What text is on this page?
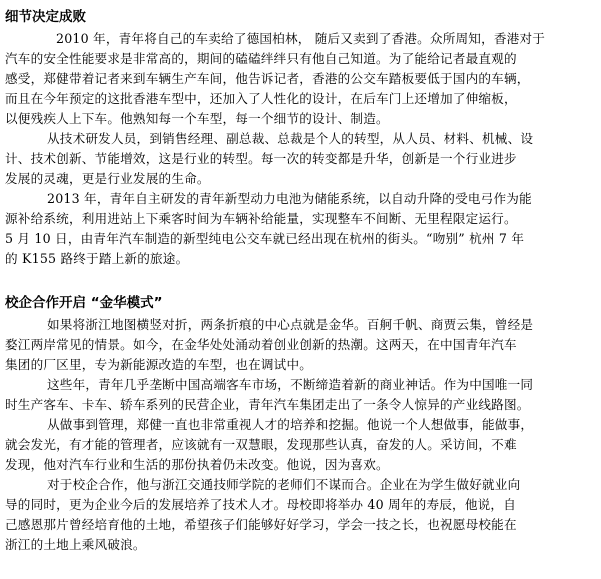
细节决定成败
2010 年，青年将自己的车卖给了德国柏林， 随后又卖到了香港。众所周知，香港对于
汽车的安全性能要求是非常高的，期间的磕磕绊绊只有他自己知道。为了能给记者最直观的
感受，郑健带着记者来到车辆生产车间，他告诉记者，香港的公交车踏板要低于国内的车辆，
而且在今年预定的这批香港车型中，还加入了人性化的设计，在后车门上还增加了伸缩板，
以便残疾人上下车。他熟知每一个车型，每一个细节的设计、制造。
从技术研发人员，到销售经理、副总裁、总裁是个人的转型，从人员、材料、机械、设
计、技术创新、节能增效，这是行业的转型。每一次的转变都是升华，创新是一个行业进步
发展的灵魂，更是行业发展的生命。
2013 年，青年自主研发的青年新型动力电池为储能系统，以自动升降的受电弓作为能
源补给系统，利用进站上下乘客时间为车辆补给能量，实现整车不间断、无里程限定运行。
5 月 10 日，由青年汽车制造的新型纯电公交车就已经出现在杭州的街头。“吻别” 杭州 7 年
的 K155 路终于踏上新的旅途。
校企合作开启 “金华模式”
如果将浙江地图横竖对折，两条折痕的中心点就是金华。百舸千帆、商贾云集，曾经是
婺江两岸常见的情景。如今，在金华处处涌动着创业创新的热潮。这两天，在中国青年汽车
集团的厂区里，专为新能源改造的车型，也在调试中。
这些年，青年几乎垄断中国高端客车市场，不断缔造着新的商业神话。作为中国唯一同
时生产客车、卡车、轿车系列的民营企业，青年汽车集团走出了一条令人惊异的产业线路图。
从做事到管理，郑健一直也非常重视人才的培养和挖掘。他说一个人想做事，能做事，
就会发光，有才能的管理者，应该就有一双慧眼，发现那些认真，奋发的人。采访间，不难
发现，他对汽车行业和生活的那份执着仍未改变。他说，因为喜欢。
对于校企合作，他与浙江交通技师学院的老师们不谋而合。企业在为学生做好就业向
导的同时，更为企业今后的发展培养了技术人才。母校即将举办 40 周年的寿辰，他说，自
己感恩那片曾经培育他的土地，希望孩子们能够好好学习，学会一技之长，也祝愿母校能在
浙江的土地上乘风破浪。
